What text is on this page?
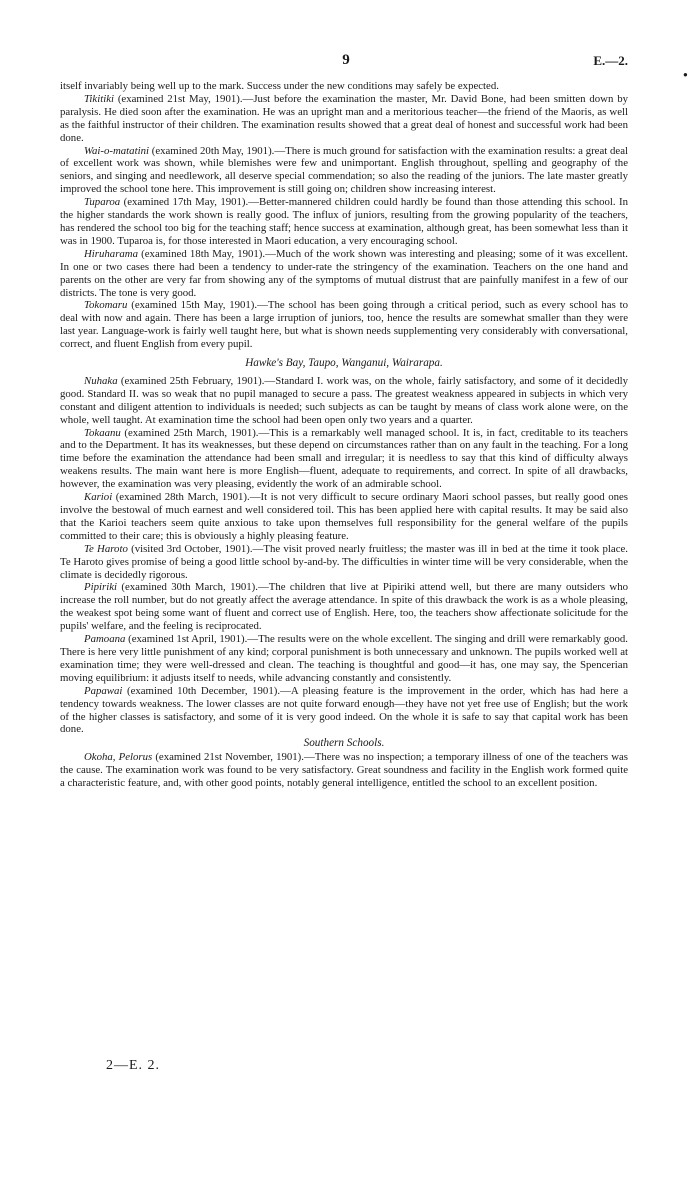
9	E.—2.
●

itself invariably being well up to the mark. Success under the new conditions may safely be expected.

Tikitiki (examined 21st May, 1901).—Just before the examination the master, Mr. David Bone, had been smitten down by paralysis. He died soon after the examination. He was an upright man and a meritorious teacher—the friend of the Maoris, as well as the faithful instructor of their children. The examination results showed that a great deal of honest and successful work had been done.

Wai-o-matatini (examined 20th May, 1901).—There is much ground for satisfaction with the examination results: a great deal of excellent work was shown, while blemishes were few and unimportant. English throughout, spelling and geography of the seniors, and singing and needlework, all deserve special commendation; so also the reading of the juniors. The late master greatly improved the school tone here. This improvement is still going on; children show increasing interest.

Tuparoa (examined 17th May, 1901).—Better-mannered children could hardly be found than those attending this school. In the higher standards the work shown is really good. The influx of juniors, resulting from the growing popularity of the teachers, has rendered the school too big for the teaching staff; hence success at examination, although great, has been somewhat less than it was in 1900. Tuparoa is, for those interested in Maori education, a very encouraging school.

Hiruharama (examined 18th May, 1901).—Much of the work shown was interesting and pleasing; some of it was excellent. In one or two cases there had been a tendency to under-rate the stringency of the examination. Teachers on the one hand and parents on the other are very far from showing any of the symptoms of mutual distrust that are painfully manifest in a few of our districts. The tone is very good.

Tokomaru (examined 15th May, 1901).—The school has been going through a critical period, such as every school has to deal with now and again. There has been a large irruption of juniors, too, hence the results are somewhat smaller than they were last year. Language-work is fairly well taught here, but what is shown needs supplementing very considerably with conversational, correct, and fluent English from every pupil.

Hawke's Bay, Taupo, Wanganui, Wairarapa.

Nuhaka (examined 25th February, 1901).—Standard I. work was, on the whole, fairly satisfactory, and some of it decidedly good. Standard II. was so weak that no pupil managed to secure a pass. The greatest weakness appeared in subjects in which very constant and diligent attention to individuals is needed; such subjects as can be taught by means of class work alone were, on the whole, well taught. At examination time the school had been open only two years and a quarter.

Tokaanu (examined 25th March, 1901).—This is a remarkably well managed school. It is, in fact, creditable to its teachers and to the Department. It has its weaknesses, but these depend on circumstances rather than on any fault in the teaching. For a long time before the examination the attendance had been small and irregular; it is needless to say that this kind of difficulty always weakens results. The main want here is more English—fluent, adequate to requirements, and correct. In spite of all drawbacks, however, the examination was very pleasing, evidently the work of an admirable school.

Karioi (examined 28th March, 1901).—It is not very difficult to secure ordinary Maori school passes, but really good ones involve the bestowal of much earnest and well considered toil. This has been applied here with capital results. It may be said also that the Karioi teachers seem quite anxious to take upon themselves full responsibility for the general welfare of the pupils committed to their care; this is obviously a highly pleasing feature.

Te Haroto (visited 3rd October, 1901).—The visit proved nearly fruitless; the master was ill in bed at the time it took place. Te Haroto gives promise of being a good little school by-and-by. The difficulties in winter time will be very considerable, when the climate is decidedly rigorous.

Pipiriki (examined 30th March, 1901).—The children that live at Pipiriki attend well, but there are many outsiders who increase the roll number, but do not greatly affect the average attendance. In spite of this drawback the work is as a whole pleasing, the weakest spot being some want of fluent and correct use of English. Here, too, the teachers show affectionate solicitude for the pupils' welfare, and the feeling is reciprocated.

Pamoana (examined 1st April, 1901).—The results were on the whole excellent. The singing and drill were remarkably good. There is here very little punishment of any kind; corporal punishment is both unnecessary and unknown. The pupils worked well at examination time; they were well-dressed and clean. The teaching is thoughtful and good—it has, one may say, the Spencerian moving equilibrium: it adjusts itself to needs, while advancing constantly and consistently.

Papawai (examined 10th December, 1901).—A pleasing feature is the improvement in the order, which has had here a tendency towards weakness. The lower classes are not quite forward enough—they have not yet free use of English; but the work of the higher classes is satisfactory, and some of it is very good indeed. On the whole it is safe to say that capital work has been done.

Southern Schools.

Okoha, Pelorus (examined 21st November, 1901).—There was no inspection; a temporary illness of one of the teachers was the cause. The examination work was found to be very satisfactory. Great soundness and facility in the English work formed quite a characteristic feature, and, with other good points, notably general intelligence, entitled the school to an excellent position.

2—E. 2.
